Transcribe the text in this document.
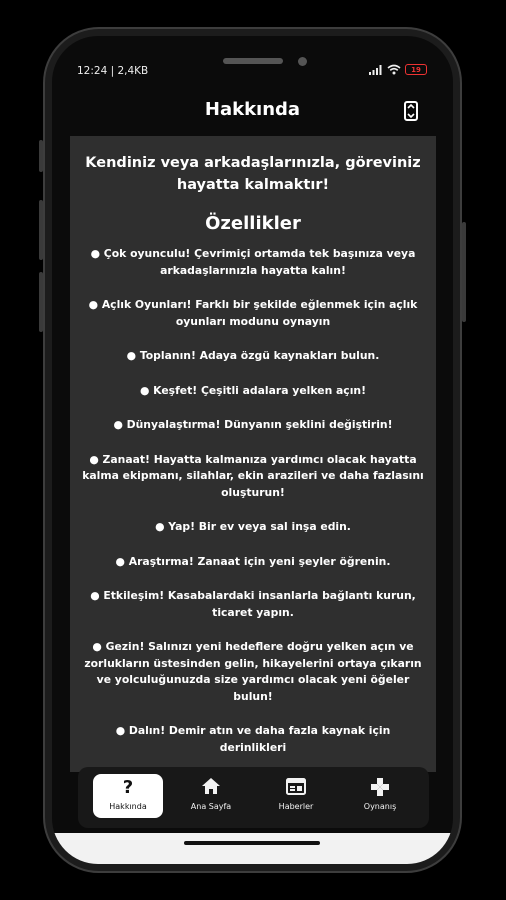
12:24 | 2,4KB	19
Hakkında
Kendiniz veya arkadaşlarınızla, göreviniz hayatta kalmaktır!
Özellikler
● Çok oyunculu! Çevrimiçi ortamda tek başınıza veya arkadaşlarınızla hayatta kalın!
● Açlık Oyunları! Farklı bir şekilde eğlenmek için açlık oyunları modunu oynayın
● Toplanın! Adaya özgü kaynakları bulun.
● Keşfet! Çeşitli adalara yelken açın!
● Dünyalaştırma! Dünyanın şeklini değiştirin!
● Zanaat! Hayatta kalmanıza yardımcı olacak hayatta kalma ekipmanı, silahlar, ekin arazileri ve daha fazlasını oluşturun!
● Yap! Bir ev veya sal inşa edin.
● Araştırma! Zanaat için yeni şeyler öğrenin.
● Etkileşim! Kasabalardaki insanlarla bağlantı kurun, ticaret yapın.
● Gezin! Salınızı yeni hedeflere doğru yelken açın ve zorlukların üstesinden gelin, hikayelerini ortaya çıkarın ve yolculuğunuzda size yardımcı olacak yeni öğeler bulun!
● Dalın! Demir atın ve daha fazla kaynak için derinlikleri
?
Hakkında	Ana Sayfa	Haberler	Oynanış
